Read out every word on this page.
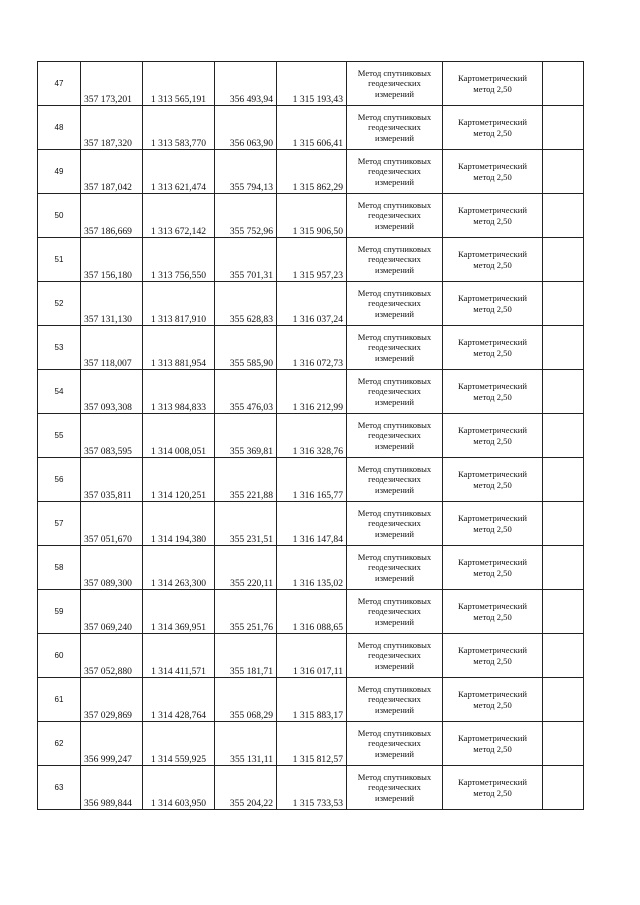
47	357 173,201	1 313 565,191	356 493,94	1 315 193,43	Метод спутниковых
геодезических
измерений	Картометрический
метод 2,50	

48	357 187,320	1 313 583,770	356 063,90	1 315 606,41	Метод спутниковых
геодезических
измерений	Картометрический
метод 2,50	

49	357 187,042	1 313 621,474	355 794,13	1 315 862,29	Метод спутниковых
геодезических
измерений	Картометрический
метод 2,50	

50	357 186,669	1 313 672,142	355 752,96	1 315 906,50	Метод спутниковых
геодезических
измерений	Картометрический
метод 2,50	

51	357 156,180	1 313 756,550	355 701,31	1 315 957,23	Метод спутниковых
геодезических
измерений	Картометрический
метод 2,50	

52	357 131,130	1 313 817,910	355 628,83	1 316 037,24	Метод спутниковых
геодезических
измерений	Картометрический
метод 2,50	

53	357 118,007	1 313 881,954	355 585,90	1 316 072,73	Метод спутниковых
геодезических
измерений	Картометрический
метод 2,50	

54	357 093,308	1 313 984,833	355 476,03	1 316 212,99	Метод спутниковых
геодезических
измерений	Картометрический
метод 2,50	

55	357 083,595	1 314 008,051	355 369,81	1 316 328,76	Метод спутниковых
геодезических
измерений	Картометрический
метод 2,50	

56	357 035,811	1 314 120,251	355 221,88	1 316 165,77	Метод спутниковых
геодезических
измерений	Картометрический
метод 2,50	

57	357 051,670	1 314 194,380	355 231,51	1 316 147,84	Метод спутниковых
геодезических
измерений	Картометрический
метод 2,50	

58	357 089,300	1 314 263,300	355 220,11	1 316 135,02	Метод спутниковых
геодезических
измерений	Картометрический
метод 2,50	

59	357 069,240	1 314 369,951	355 251,76	1 316 088,65	Метод спутниковых
геодезических
измерений	Картометрический
метод 2,50	

60	357 052,880	1 314 411,571	355 181,71	1 316 017,11	Метод спутниковых
геодезических
измерений	Картометрический
метод 2,50	

61	357 029,869	1 314 428,764	355 068,29	1 315 883,17	Метод спутниковых
геодезических
измерений	Картометрический
метод 2,50	

62	356 999,247	1 314 559,925	355 131,11	1 315 812,57	Метод спутниковых
геодезических
измерений	Картометрический
метод 2,50	

63	356 989,844	1 314 603,950	355 204,22	1 315 733,53	Метод спутниковых
геодезических
измерений	Картометрический
метод 2,50	
